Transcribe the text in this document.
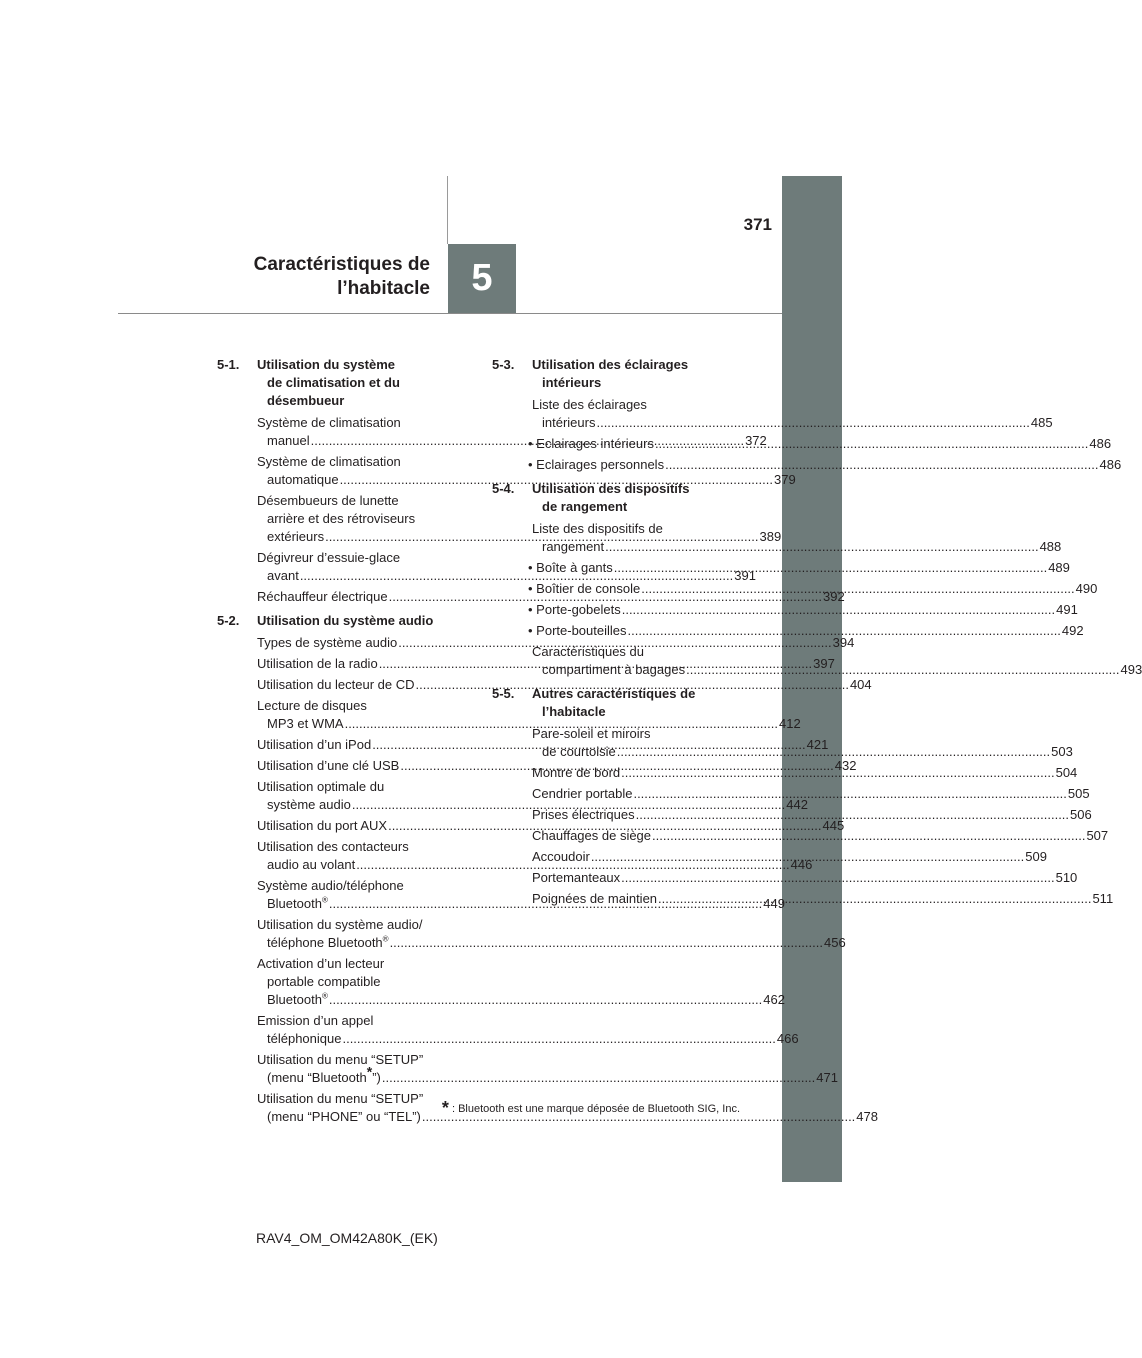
5
371
Caractéristiques de
l’habitacle
5-1. Utilisation du système
de climatisation et du
désembueur
Système de climatisation
manuel .....	372
Système de climatisation
automatique .....	379
Désembueurs de lunette
arrière et des rétroviseurs
extérieurs .....	389
Dégivreur d’essuie-glace
avant .....	391
Réchauffeur électrique .....	392
5-2. Utilisation du système audio
Types de système audio .....	394
Utilisation de la radio .....	397
Utilisation du lecteur de CD .....	404
Lecture de disques
MP3 et WMA .....	412
Utilisation d’un iPod .....	421
Utilisation d’une clé USB .....	432
Utilisation optimale du
système audio .....	442
Utilisation du port AUX .....	445
Utilisation des contacteurs
audio au volant .....	446
Système audio/téléphone
Bluetooth® .....	449
Utilisation du système audio/
téléphone Bluetooth® .....	456
Activation d’un lecteur
portable compatible
Bluetooth® .....	462
Emission d’un appel
téléphonique .....	466
Utilisation du menu “SETUP”
(menu “Bluetooth*”) .....	471
Utilisation du menu “SETUP”
(menu “PHONE” ou “TEL”) .....	478
5-3. Utilisation des éclairages
intérieurs
Liste des éclairages
intérieurs .....	485
• Eclairages intérieurs .....	486
• Eclairages personnels .....	486
5-4. Utilisation des dispositifs
de rangement
Liste des dispositifs de
rangement .....	488
• Boîte à gants .....	489
• Boîtier de console .....	490
• Porte-gobelets .....	491
• Porte-bouteilles .....	492
Caractéristiques du
compartiment à bagages .....	493
5-5. Autres caractéristiques de
l’habitacle
Pare-soleil et miroirs
de courtoisie .....	503
Montre de bord .....	504
Cendrier portable .....	505
Prises électriques .....	506
Chauffages de siège .....	507
Accoudoir .....	509
Portemanteaux .....	510
Poignées de maintien .....	511
* : Bluetooth est une marque déposée de Bluetooth SIG, Inc.
RAV4_OM_OM42A80K_(EK)
